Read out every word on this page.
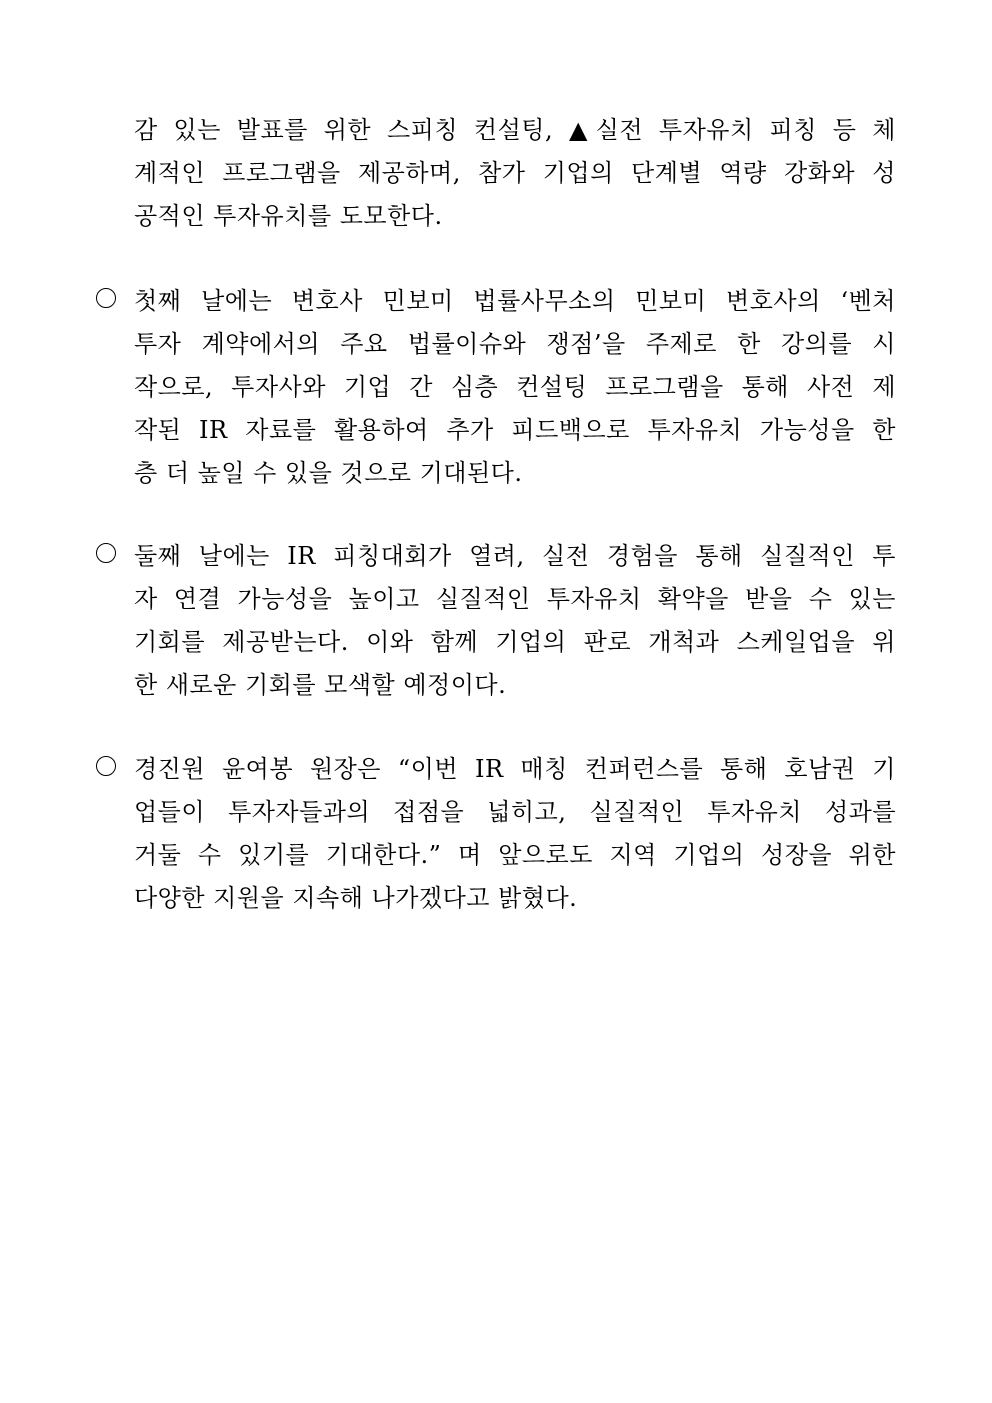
감 있는 발표를 위한 스피칭 컨설팅, ▲실전 투자유치 피칭 등 체
계적인 프로그램을 제공하며, 참가 기업의 단계별 역량 강화와 성
공적인 투자유치를 도모한다.
첫째 날에는 변호사 민보미 법률사무소의 민보미 변호사의 ‘벤처
투자 계약에서의 주요 법률이슈와 쟁점’을 주제로 한 강의를 시
작으로, 투자사와 기업 간 심층 컨설팅 프로그램을 통해 사전 제
작된 IR 자료를 활용하여 추가 피드백으로 투자유치 가능성을 한
층 더 높일 수 있을 것으로 기대된다.
둘째 날에는 IR 피칭대회가 열려, 실전 경험을 통해 실질적인 투
자 연결 가능성을 높이고 실질적인 투자유치 확약을 받을 수 있는
기회를 제공받는다. 이와 함께 기업의 판로 개척과 스케일업을 위
한 새로운 기회를 모색할 예정이다.
경진원 윤여봉 원장은 “이번 IR 매칭 컨퍼런스를 통해 호남권 기
업들이 투자자들과의 접점을 넓히고, 실질적인 투자유치 성과를
거둘 수 있기를 기대한다.” 며 앞으로도 지역 기업의 성장을 위한
다양한 지원을 지속해 나가겠다고 밝혔다.
